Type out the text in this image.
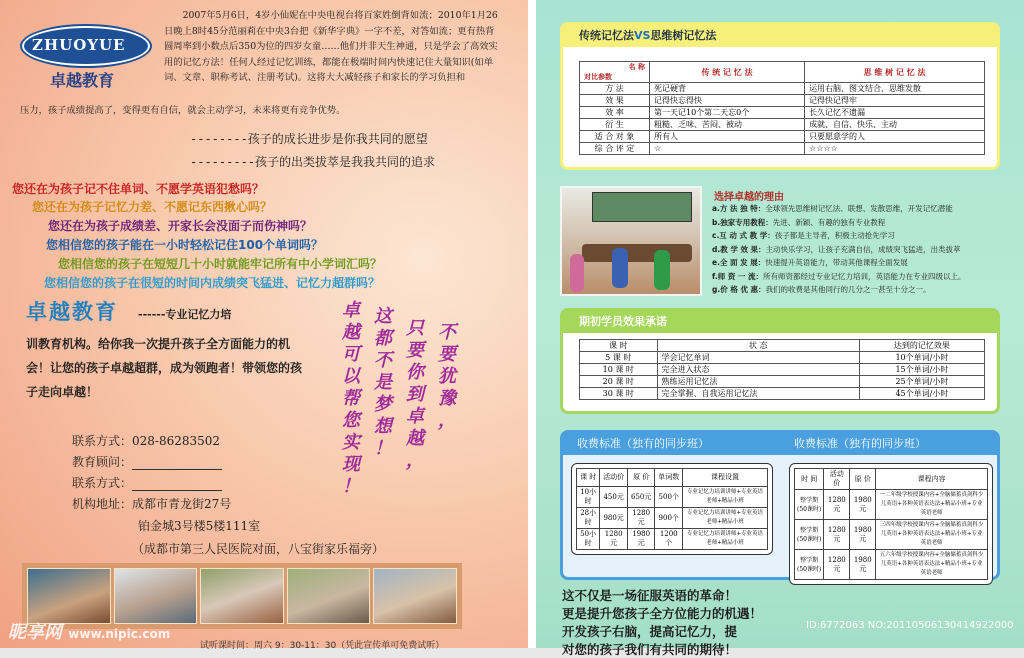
ZHUOYUE
卓越教育
2007年5月6日，4岁小仙妮在中央电视台将百家姓倒背如流；2010年1月26日晚上8时45分范丽莉在中央3台把《新华字典》一字不差，对答如流；更有热背圆周率到小数点后350为位的四岁女童……他们并非天生神通，只是学会了高效实用的记忆方法！任何人经过记忆训练，都能在极端时间内快速记住大量知识(如单词、文章、职称考试、注册考试)。这将大大减轻孩子和家长的学习负担和
压力，孩子成绩提高了，变得更有自信，就会主动学习，未来将更有竞争优势。
--------孩子的成长进步是你我共同的愿望
---------孩子的出类拔萃是我我共同的追求
您还在为孩子记不住单词、不愿学英语犯愁吗？
您还在为孩子记忆力差、不愿记东西揪心吗？
您还在为孩子成绩差、开家长会没面子而伤神吗？
您相信您的孩子能在一小时轻松记住100个单词吗？
您相信您的孩子在短短几十小时就能牢记所有中小学词汇吗？
您相信您的孩子在很短的时间内成绩突飞猛进、记忆力超群吗？
卓越教育 ------专业记忆力培
训教育机构。给你我一次提升孩子全方面能力的机会！让您的孩子卓越超群，成为领跑者！带领您的孩子走向卓越！
联系方式：028-86283502
教育顾问：
联系方式：
机构地址：成都市青龙街27号
铂金城3号楼5楼111室
（成都市第三人民医院对面，八宝街家乐福旁）
卓
越
可
以
帮
您
实
现
！
这
都
不
是
梦
想
！
只
要
你
到
卓
越
，
不
要
犹
豫
，
昵享网 www.nipic.com
试听课时间：周六 9：30-11：30（凭此宣传单可免费试听）
传统记忆法VS思维树记忆法
名 称
对比参数	传 统 记 忆 法	思 维 树 记 忆 法
方 法	死记硬背	运用右脑、图文结合、思维发散
效 果	记得快忘得快	记得快记得牢
效 率	第一天记10个第二天忘0个	长久记忆不遗漏
衍 生	粗糙、乏味、苦闷、被动	成就、自信、快乐、主动
适 合 对 象	所有人	只要愿意学的人
综 合 评 定	☆	☆☆☆☆
选择卓越的理由
a.方 法 独 特：全球领先思维树记忆法、联想、发散思维，开发记忆潜能
b.独家专用教程：先进、新颖、有趣的独有专业教程
c.互 动 式 教 学：孩子都是主导者，积极主动抢先学习
d.教 学 效 果：主动快乐学习，让孩子充满自信，成绩突飞猛进，出类拔萃
e.全 面 发 展：快速提升英语能力，带动其他课程全面发展
f.师 资 一 流：所有师资都经过专业记忆力培训，英语能力在专业四级以上。
g.价 格 优 惠：我们的收费是其他同行的几分之一甚至十分之一。
期初学员效果承诺
课 时	状 态	达到的记忆效果
5 课 时	学会记忆单词	10个单词/小时
10 课 时	完全进入状态	15个单词/小时
20 课 时	熟练运用记忆法	25个单词/小时
30 课 时	完全掌握、自我运用记忆法	45个单词/小时
收费标准（独有的同步班）	收费标准（独有的同步班）
课 时	活动价	原 价	单词数	课程设置
10小时	450元	650元	500个	专业记忆力培训讲师+专业英语老师+精品小班
28小时	980元	1280元	900个	专业记忆力培训讲师+专业英语老师+精品小班
50小时	1280元	1980元	1200个	专业记忆力培训讲师+专业英语老师+精品小班
时 间	活动价	原 价	课程内容
整学期(50课时)	1280元	1980元	一二年级学校授课内容+全脑储蓄真剑科少儿英语+各种英语表达法+精品小班+专业英语老师
整学期(50课时)	1280元	1980元	三四年级学校授课内容+全脑储蓄真剑科少儿英语+各种英语表达法+精品小班+专业英语老师
整学期(50课时)	1280元	1980元	五六年级学校授课内容+全脑储蓄真剑科少儿英语+各种英语表达法+精品小班+专业英语老师
这不仅是一场征服英语的革命！
更是提升您孩子全方位能力的机遇！
开发孩子右脑，提高记忆力，提
对您的孩子我们有共同的期待！
ID:6772063 NO:20110506130414922000
